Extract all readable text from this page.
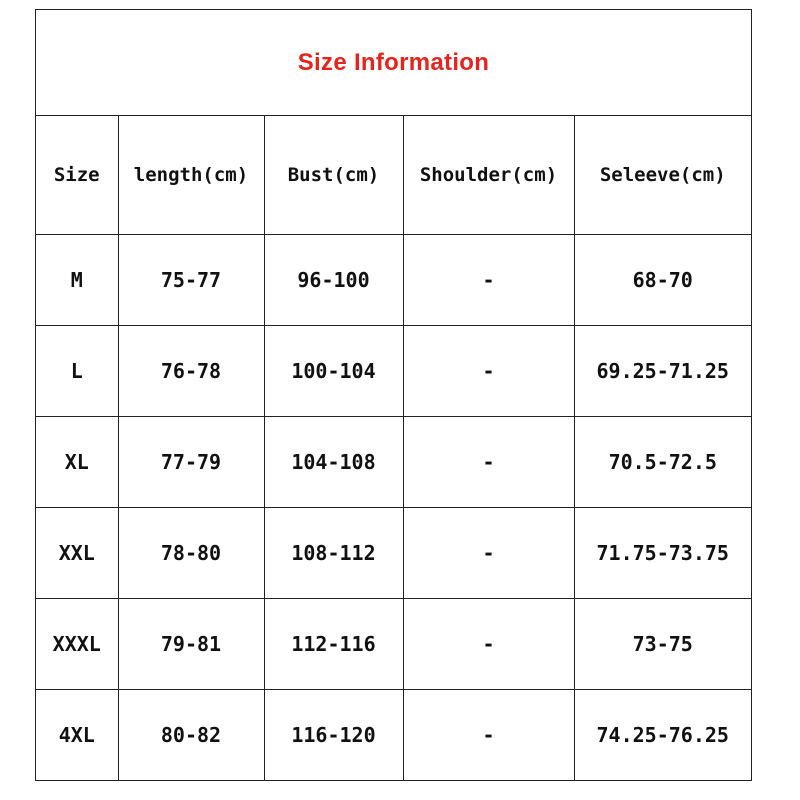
Size Information
Size	length(cm)	Bust(cm)	Shoulder(cm)	Seleeve(cm)
M	75-77	96-100	-	68-70
L	76-78	100-104	-	69.25-71.25
XL	77-79	104-108	-	70.5-72.5
XXL	78-80	108-112	-	71.75-73.75
XXXL	79-81	112-116	-	73-75
4XL	80-82	116-120	-	74.25-76.25
